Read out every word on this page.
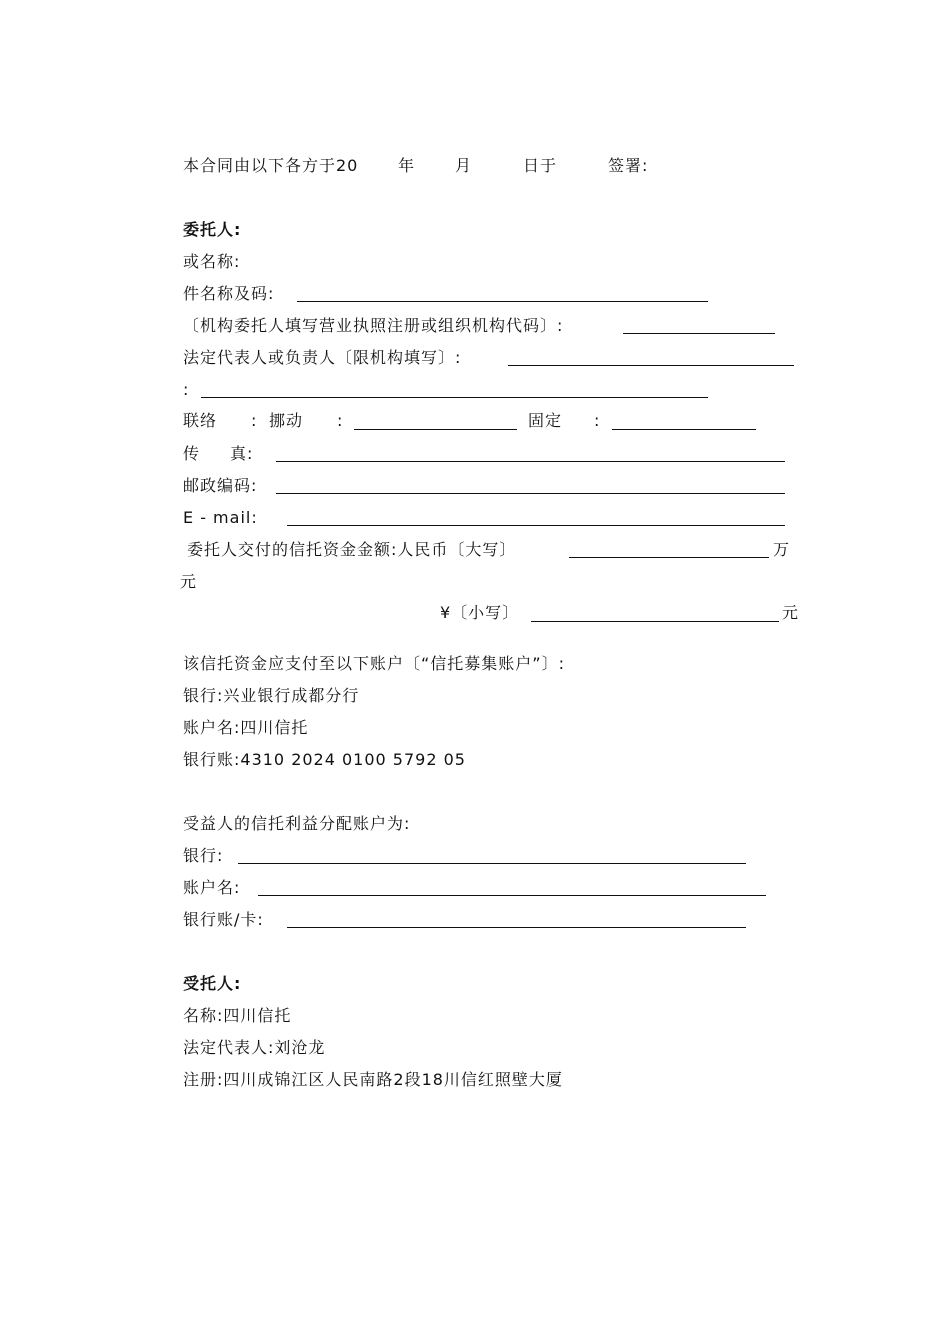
本合同由以下各方于20 年 月	日于	签署:
委托人:
或名称:
件名称及码:
〔机构委托人填写营业执照注册或组织机构代码〕:
法定代表人或负责人〔限机构填写〕:
:
联络 : 挪动 :	固定 :
传 真:
邮政编码:
E - mail:
委托人交付的信托资金金额:人民币〔大写〕	万
元
¥〔小写〕	元
该信托资金应支付至以下账户〔“信托募集账户”〕:
银行:兴业银行成都分行
账户名:四川信托
银行账:4310 2024 0100 5792 05
受益人的信托利益分配账户为:
银行:
账户名:
银行账/卡:
受托人:
名称:四川信托
法定代表人:刘沧龙
注册:四川成锦江区人民南路2段18川信红照壁大厦
